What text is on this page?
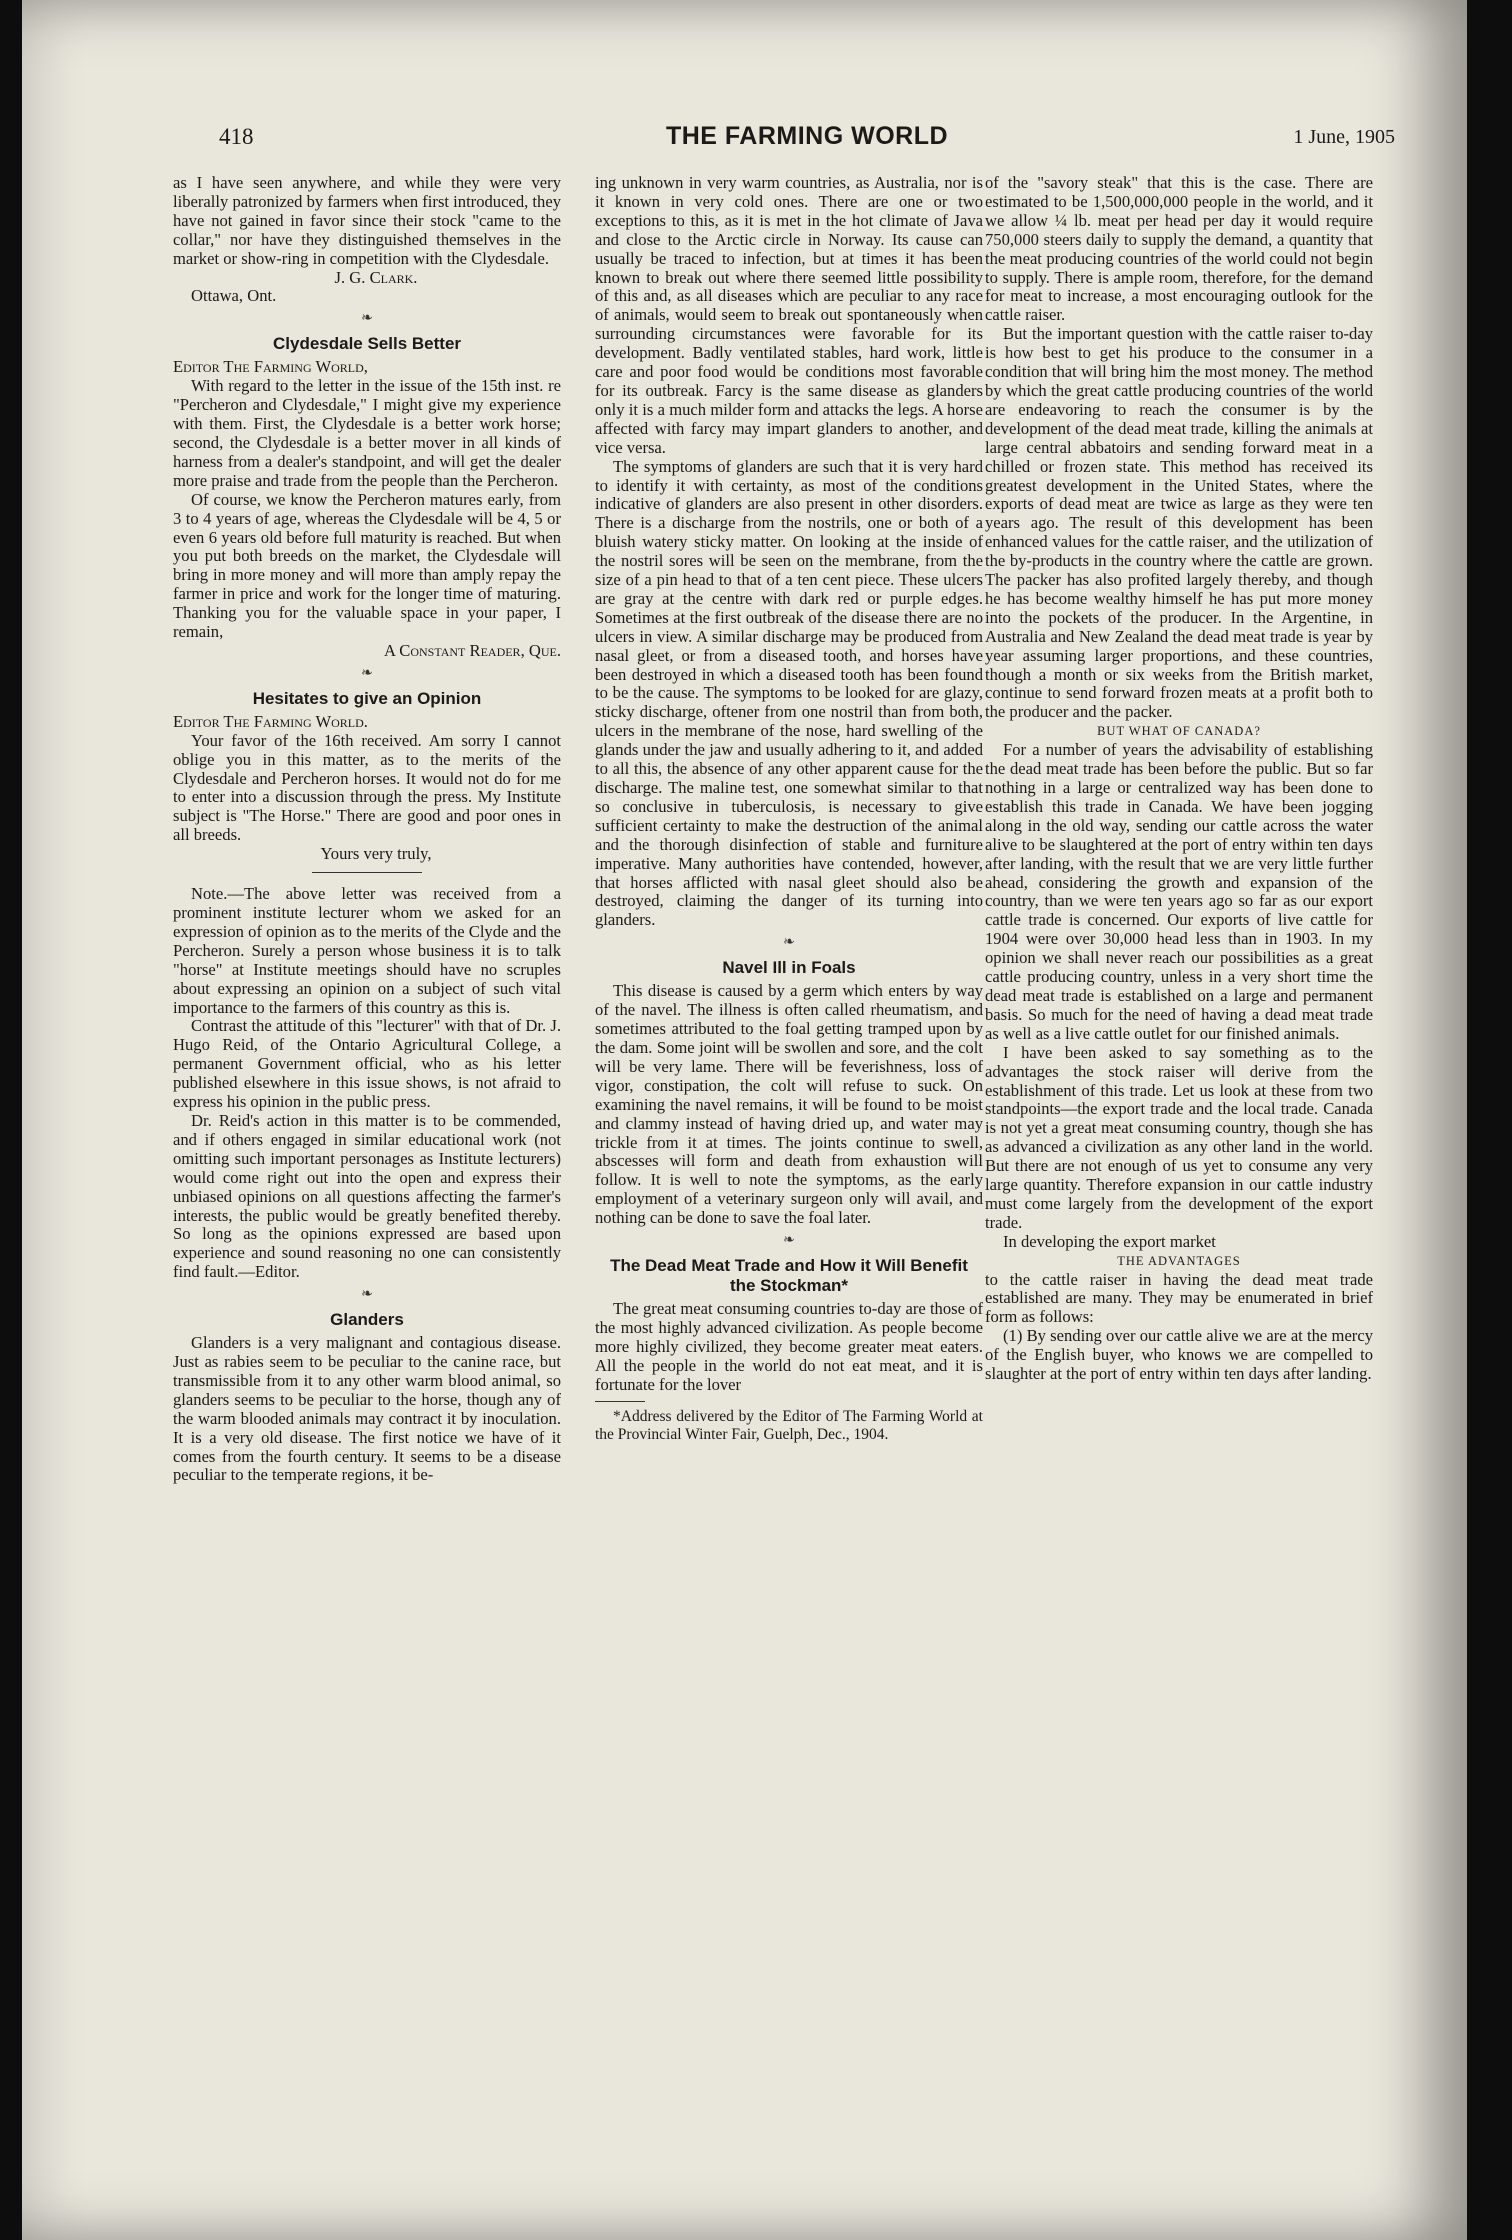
418	THE FARMING WORLD	1 June, 1905

as I have seen anywhere, and while they were very liberally patronized by farmers when first introduced, they have not gained in favor since their stock "came to the collar," nor have they distinguished themselves in the market or show-ring in competition with the Clydesdale.

J. G. Clark.

Ottawa, Ont.

❧
Clydesdale Sells Better

Editor The Farming World,

With regard to the letter in the issue of the 15th inst. re "Percheron and Clydesdale," I might give my experience with them. First, the Clydesdale is a better work horse; second, the Clydesdale is a better mover in all kinds of harness from a dealer's standpoint, and will get the dealer more praise and trade from the people than the Percheron.

Of course, we know the Percheron matures early, from 3 to 4 years of age, whereas the Clydesdale will be 4, 5 or even 6 years old before full maturity is reached. But when you put both breeds on the market, the Clydesdale will bring in more money and will more than amply repay the farmer in price and work for the longer time of maturing. Thanking you for the valuable space in your paper, I remain,

A Constant Reader, Que.

❧
Hesitates to give an Opinion

Editor The Farming World.

Your favor of the 16th received. Am sorry I cannot oblige you in this matter, as to the merits of the Clydesdale and Percheron horses. It would not do for me to enter into a discussion through the press. My Institute subject is "The Horse." There are good and poor ones in all breeds.

Yours very truly,

Note.—The above letter was received from a prominent institute lecturer whom we asked for an expression of opinion as to the merits of the Clyde and the Percheron. Surely a person whose business it is to talk "horse" at Institute meetings should have no scruples about expressing an opinion on a subject of such vital importance to the farmers of this country as this is.

Contrast the attitude of this "lecturer" with that of Dr. J. Hugo Reid, of the Ontario Agricultural College, a permanent Government official, who as his letter published elsewhere in this issue shows, is not afraid to express his opinion in the public press.

Dr. Reid's action in this matter is to be commended, and if others engaged in similar educational work (not omitting such important personages as Institute lecturers) would come right out into the open and express their unbiased opinions on all questions affecting the farmer's interests, the public would be greatly benefited thereby. So long as the opinions expressed are based upon experience and sound reasoning no one can consistently find fault.—Editor.

❧
Glanders

Glanders is a very malignant and contagious disease. Just as rabies seem to be peculiar to the canine race, but transmissible from it to any other warm blood animal, so glanders seems to be peculiar to the horse, though any of the warm blooded animals may contract it by inoculation. It is a very old disease. The first notice we have of it comes from the fourth century. It seems to be a disease peculiar to the temperate regions, it be-

ing unknown in very warm countries, as Australia, nor is it known in very cold ones. There are one or two exceptions to this, as it is met in the hot climate of Java and close to the Arctic circle in Norway. Its cause can usually be traced to infection, but at times it has been known to break out where there seemed little possibility of this and, as all diseases which are peculiar to any race of animals, would seem to break out spontaneously when surrounding circumstances were favorable for its development. Badly ventilated stables, hard work, little care and poor food would be conditions most favorable for its outbreak. Farcy is the same disease as glanders only it is a much milder form and attacks the legs. A horse affected with farcy may impart glanders to another, and vice versa.

The symptoms of glanders are such that it is very hard to identify it with certainty, as most of the conditions indicative of glanders are also present in other disorders. There is a discharge from the nostrils, one or both of a bluish watery sticky matter. On looking at the inside of the nostril sores will be seen on the membrane, from the size of a pin head to that of a ten cent piece. These ulcers are gray at the centre with dark red or purple edges. Sometimes at the first outbreak of the disease there are no ulcers in view. A similar discharge may be produced from nasal gleet, or from a diseased tooth, and horses have been destroyed in which a diseased tooth has been found to be the cause. The symptoms to be looked for are glazy, sticky discharge, oftener from one nostril than from both, ulcers in the membrane of the nose, hard swelling of the glands under the jaw and usually adhering to it, and added to all this, the absence of any other apparent cause for the discharge. The maline test, one somewhat similar to that so conclusive in tuberculosis, is necessary to give sufficient certainty to make the destruction of the animal and the thorough disinfection of stable and furniture imperative. Many authorities have contended, however, that horses afflicted with nasal gleet should also be destroyed, claiming the danger of its turning into glanders.

❧
Navel Ill in Foals

This disease is caused by a germ which enters by way of the navel. The illness is often called rheumatism, and sometimes attributed to the foal getting tramped upon by the dam. Some joint will be swollen and sore, and the colt will be very lame. There will be feverishness, loss of vigor, constipation, the colt will refuse to suck. On examining the navel remains, it will be found to be moist and clammy instead of having dried up, and water may trickle from it at times. The joints continue to swell, abscesses will form and death from exhaustion will follow. It is well to note the symptoms, as the early employment of a veterinary surgeon only will avail, and nothing can be done to save the foal later.

❧
The Dead Meat Trade and How it Will Benefit the Stockman*

The great meat consuming countries to-day are those of the most highly advanced civilization. As people become more highly civilized, they become greater meat eaters. All the people in the world do not eat meat, and it is fortunate for the lover

*Address delivered by the Editor of The Farming World at the Provincial Winter Fair, Guelph, Dec., 1904.

of the "savory steak" that this is the case. There are estimated to be 1,500,000,000 people in the world, and it we allow ¼ lb. meat per head per day it would require 750,000 steers daily to supply the demand, a quantity that the meat producing countries of the world could not begin to supply. There is ample room, therefore, for the demand for meat to increase, a most encouraging outlook for the cattle raiser.

But the important question with the cattle raiser to-day is how best to get his produce to the consumer in a condition that will bring him the most money. The method by which the great cattle producing countries of the world are endeavoring to reach the consumer is by the development of the dead meat trade, killing the animals at large central abbatoirs and sending forward meat in a chilled or frozen state. This method has received its greatest development in the United States, where the exports of dead meat are twice as large as they were ten years ago. The result of this development has been enhanced values for the cattle raiser, and the utilization of the by-products in the country where the cattle are grown. The packer has also profited largely thereby, and though he has become wealthy himself he has put more money into the pockets of the producer. In the Argentine, in Australia and New Zealand the dead meat trade is year by year assuming larger proportions, and these countries, though a month or six weeks from the British market, continue to send forward frozen meats at a profit both to the producer and the packer.

BUT WHAT OF CANADA?

For a number of years the advisability of establishing the dead meat trade has been before the public. But so far nothing in a large or centralized way has been done to establish this trade in Canada. We have been jogging along in the old way, sending our cattle across the water alive to be slaughtered at the port of entry within ten days after landing, with the result that we are very little further ahead, considering the growth and expansion of the country, than we were ten years ago so far as our export cattle trade is concerned. Our exports of live cattle for 1904 were over 30,000 head less than in 1903. In my opinion we shall never reach our possibilities as a great cattle producing country, unless in a very short time the dead meat trade is established on a large and permanent basis. So much for the need of having a dead meat trade as well as a live cattle outlet for our finished animals.

I have been asked to say something as to the advantages the stock raiser will derive from the establishment of this trade. Let us look at these from two standpoints—the export trade and the local trade. Canada is not yet a great meat consuming country, though she has as advanced a civilization as any other land in the world. But there are not enough of us yet to consume any very large quantity. Therefore expansion in our cattle industry must come largely from the development of the export trade.

In developing the export market

THE ADVANTAGES

to the cattle raiser in having the dead meat trade established are many. They may be enumerated in brief form as follows:

(1) By sending over our cattle alive we are at the mercy of the English buyer, who knows we are compelled to slaughter at the port of entry within ten days after landing.
